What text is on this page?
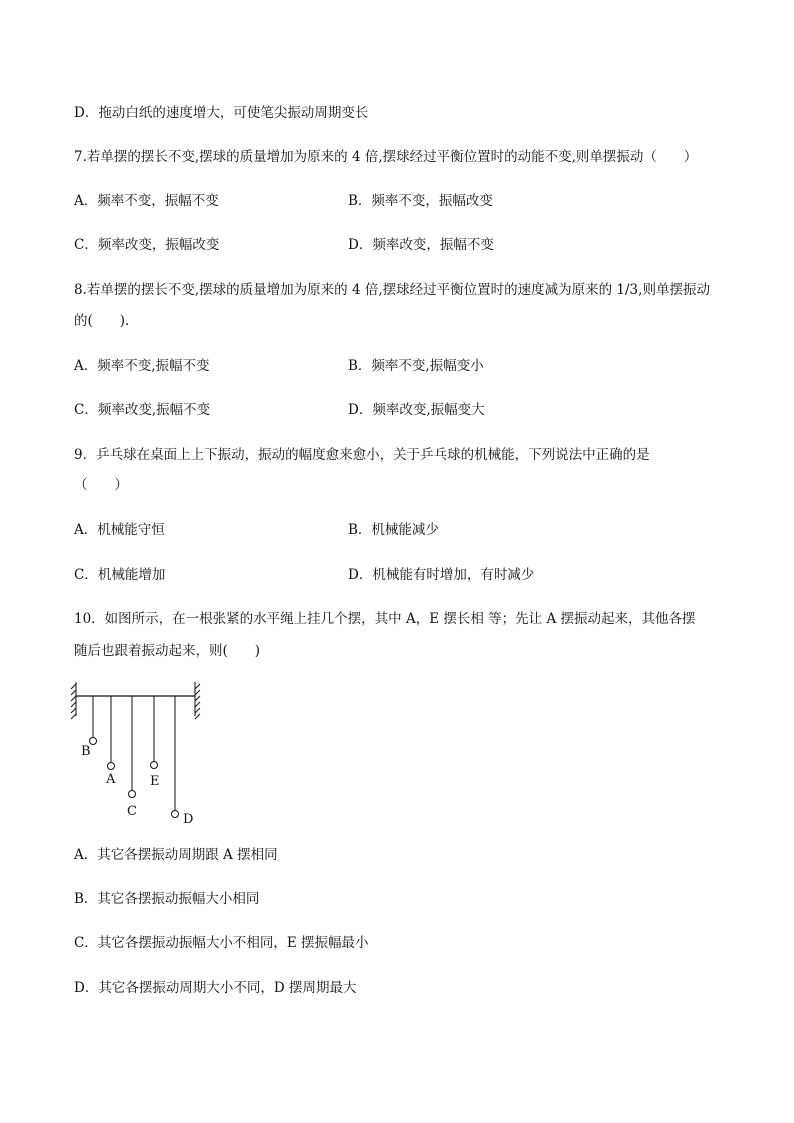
D．拖动白纸的速度增大，可使笔尖振动周期变长
7.若单摆的摆长不变,摆球的质量增加为原来的 4 倍,摆球经过平衡位置时的动能不变,则单摆振动（　　）
A．频率不变，振幅不变	B．频率不变，振幅改变
C．频率改变，振幅改变	D．频率改变，振幅不变
8.若单摆的摆长不变,摆球的质量增加为原来的 4 倍,摆球经过平衡位置时的速度减为原来的 1/3,则单摆振动
的(　　).
A．频率不变,振幅不变	B．频率不变,振幅变小
C．频率改变,振幅不变	D．频率改变,振幅变大
9．乒乓球在桌面上上下振动，振动的幅度愈来愈小，关于乒乓球的机械能，下列说法中正确的是
（　　）
A．机械能守恒	B．机械能减少
C．机械能增加	D．机械能有时增加，有时减少
10．如图所示，在一根张紧的水平绳上挂几个摆，其中 A，E 摆长相 等；先让 A 摆振动起来，其他各摆
随后也跟着振动起来，则(　　)
B
A
C
E
D
A．其它各摆振动周期跟 A 摆相同
B．其它各摆振动振幅大小相同
C．其它各摆振动振幅大小不相同，E 摆振幅最小
D．其它各摆振动周期大小不同，D 摆周期最大
